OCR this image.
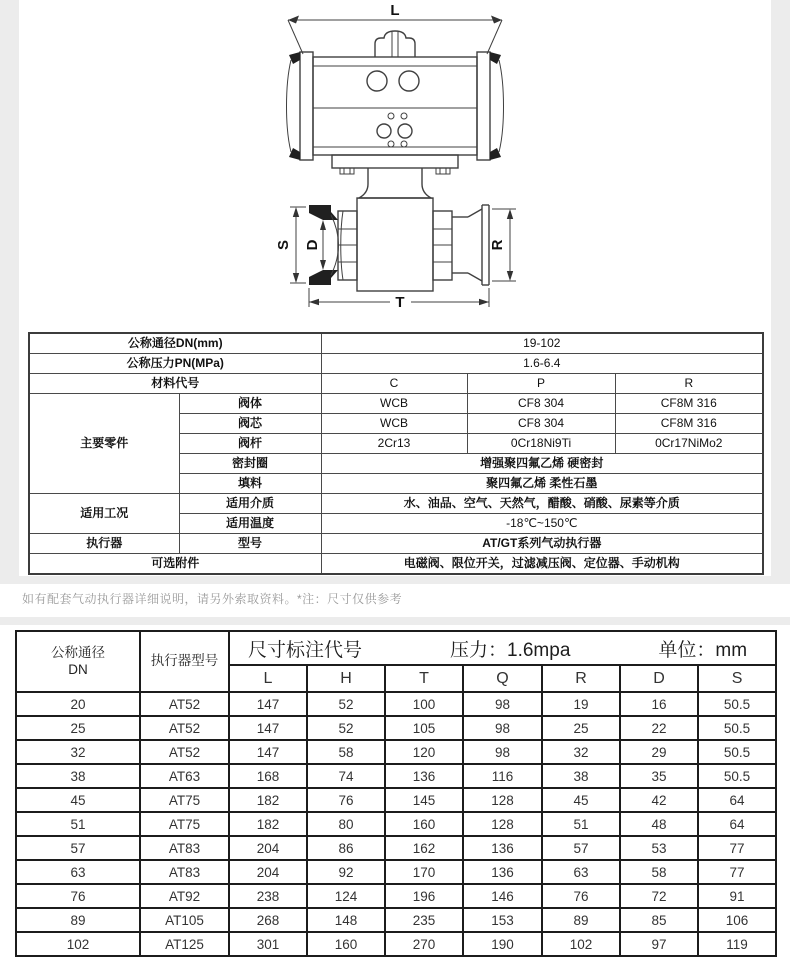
L
S D	R
T
公称通径DN(mm)		19-102		
公称压力PN(MPa)		1.6-6.4		
材料代号		C	P	R
主要零件	阀体	WCB	CF8 304	CF8M 316
	阀芯	WCB	CF8 304	CF8M 316
	阀杆	2Cr13	0Cr18Ni9Ti	0Cr17NiMo2
	密封圈	增强聚四氟乙烯 硬密封		
	填料	聚四氟乙烯 柔性石墨		
适用工况	适用介质	水、油品、空气、天然气，醋酸、硝酸、尿素等介质		
	适用温度	-18℃~150℃		
执行器	型号	AT/GT系列气动执行器		
可选附件		电磁阀、限位开关，过滤减压阀、定位器、手动机构		
如有配套气动执行器详细说明，请另外索取资料。*注：尺寸仅供参考
公称通径
DN
	执行器型号	
尺寸标注代号	压力：1.6mpa	单位：mm

		L	H	T	Q	R	D	S
20	AT52	147	52	100	98	19	16	50.5
25	AT52	147	52	105	98	25	22	50.5
32	AT52	147	58	120	98	32	29	50.5
38	AT63	168	74	136	116	38	35	50.5
45	AT75	182	76	145	128	45	42	64
51	AT75	182	80	160	128	51	48	64
57	AT83	204	86	162	136	57	53	77
63	AT83	204	92	170	136	63	58	77
76	AT92	238	124	196	146	76	72	91
89	AT105	268	148	235	153	89	85	106
102	AT125	301	160	270	190	102	97	119
